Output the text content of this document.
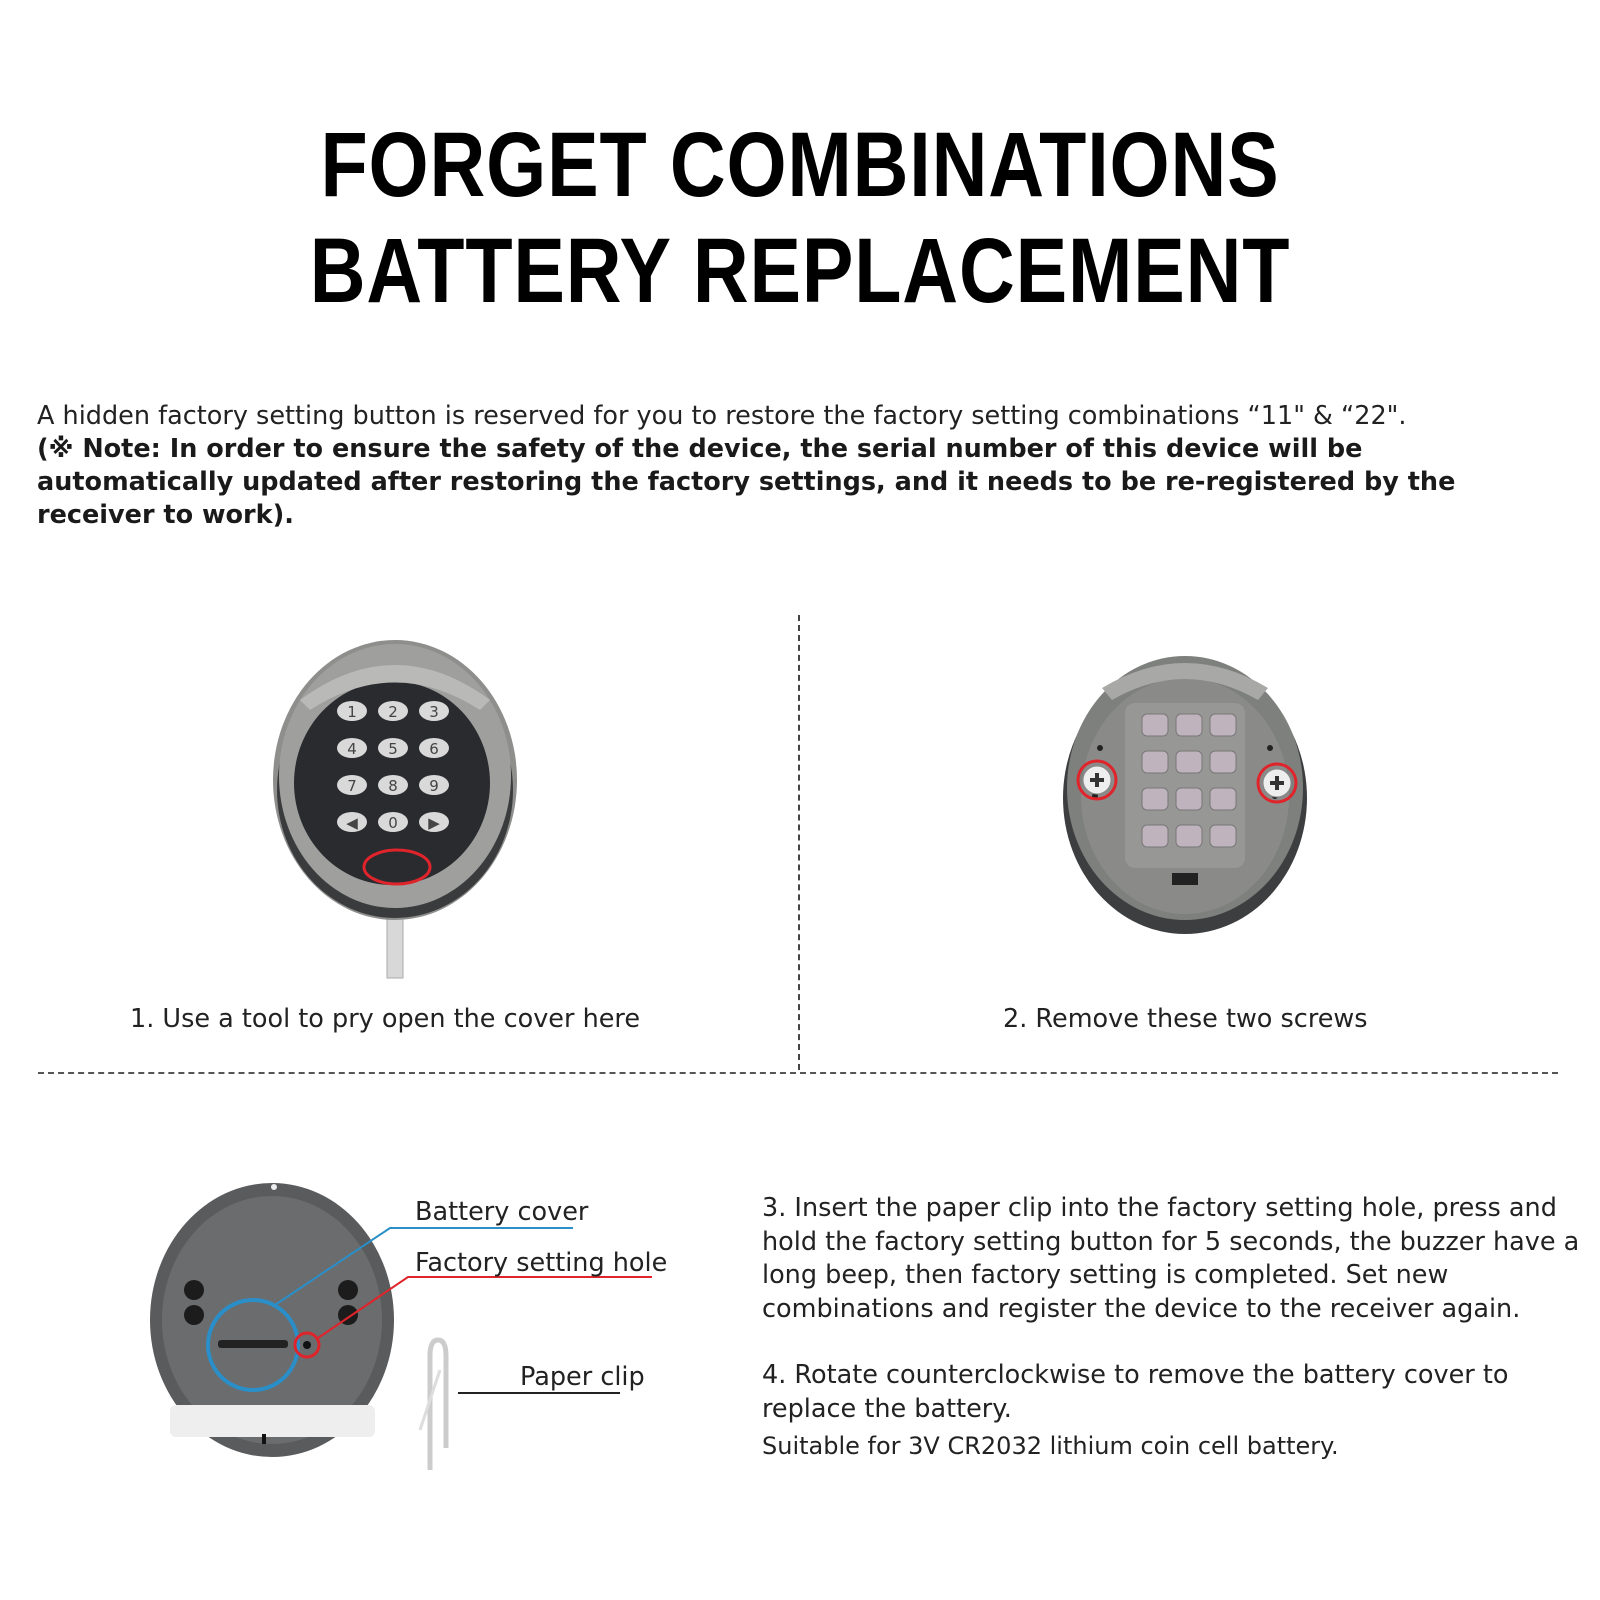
FORGET COMBINATIONS
BATTERY REPLACEMENT
A hidden factory setting button is reserved for you to restore the factory setting combinations “11" & “22".
(※ Note: In order to ensure the safety of the device, the serial number of this device will be automatically updated after restoring the factory settings, and it needs to be re-registered by the receiver to work).
1 2 3
4 5 6
7 8 9
◀ 0 ▶
1. Use a tool to pry open the cover here	2. Remove these two screws
Battery cover
Factory setting hole
Paper clip

3. Insert the paper clip into the factory setting hole, press and hold the factory setting button for 5 seconds, the buzzer have a long beep, then factory setting is completed. Set new combinations and register the device to the receiver again.

4. Rotate counterclockwise to remove the battery cover to replace the battery.

Suitable for 3V CR2032 lithium coin cell battery.
